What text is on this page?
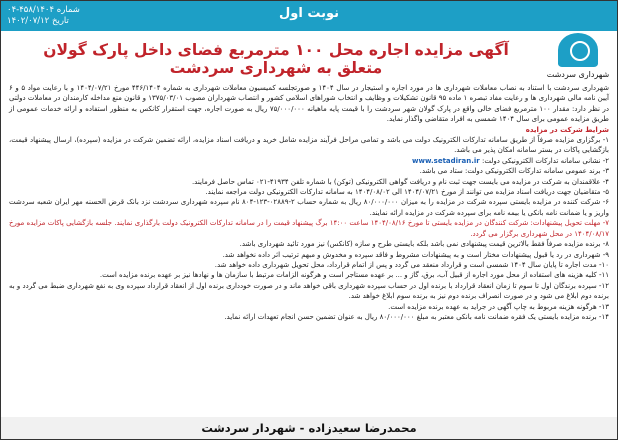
شماره ۴۵۸/۱۴۰۴-۰۴
تاریخ ۱۴۰۲/۰۷/۱۲	نوبت اول
شهرداری سردشت
آگهی مزایده اجاره محل ۱۰۰ مترمربع فضای داخل پارک گولان متعلق به شهرداری سردشت

شهرداری سردشت با استناد به نصاب معاملات شهرداری ها در مورد اجاره و استیجار در سال ۱۴۰۴ و صورتجلسه کمیسیون معاملات شهرداری به شماره ۴۴۶/۱۴۰۴ مورخ ۱۴۰۴/۰۷/۲۱ و با رعایت مواد ۵ و ۶ آیین نامه مالی شهرداری ها و رعایت مفاد تبصره ۱ ماده ۹۵ قانون تشکیلات و وظایف و انتخاب شوراهای اسلامی کشور و انتصاب شهرداران مصوب ۱۳۷۵/۰۳/۰۱ و قانون منع مداخله کارمندان در معاملات دولتی در نظر دارد: مقدار ۱۰۰ مترمربع فضای خالی واقع در پارک گولان شهر سردشت را با قیمت پایه ماهیانه ۷۵/۰۰۰/۰۰۰ ریال به صورت اجاره، جهت استقرار کانکس به منظور استفاده و ارائه خدمات عمومی از طریق مزایده عمومی برای سال ۱۴۰۴ شمسی به افراد متقاضی واگذار نماید.

شرایط شرکت در مزایده

۱- برگزاری مزایده صرفاً از طریق سامانه تدارکات الکترونیک دولت می باشد و تمامی مراحل فرآیند مزایده شامل خرید و دریافت اسناد مزایده، ارائه تضمین شرکت در مزایده (سپرده)، ارسال پیشنهاد قیمت، بازگشایی پاکات در بستر سامانه امکان پذیر می باشد.

۲- نشانی سامانه تدارکات الکترونیکی دولت: www.setadiran.ir

۳- برند عمومی سامانه تدارکات الکترونیکی دولت: ستاد می باشد.

۴- علاقمندان به شرکت در مزایده می بایست جهت ثبت نام و دریافت گواهی الکترونیکی (توکن) با شماره تلفن ۴۱۹۳۴-۰۲۱ تماس حاصل فرمایند.

۵- متقاضیان جهت دریافت اسناد مزایده می توانند از مورخ ۱۴۰۴/۰۷/۲۱ الی ۱۴۰۴/۰۸/۰۲ به سامانه تدارکات الکترونیکی دولت مراجعه نمایند.

۶- شرکت کننده در مزایده بایستی سپرده شرکت در مزایده را به میزان ۸۰/۰۰۰/۰۰۰ ریال به شماره حساب ۲-۰۲۸۸۹-۱۲۳-۸۰۴ نام سپرده شهرداری سردشت نزد بانک قرض الحسنه مهر ایران شعبه سردشت واریز و یا ضمانت نامه بانکی یا بیمه نامه برای سپرده شرکت در مزایده ارائه نمایند.

۷- مهلت تحویل پیشنهادات: شرکت کنندگان در مزایده بایستی تا مورخ ۱۴۰۴/۰۸/۱۶ ساعت ۱۴:۰۰ برگ پیشنهاد قیمت را در سامانه تدارکات الکترونیک دولت بارگذاری نمایند. جلسه بازگشایی پاکات مزایده مورخ ۱۴۰۴/۰۸/۱۷ در محل شهرداری برگزار می گردد.

۸- برنده مزایده صرفاً فقط بالاترین قیمت پیشنهادی نمی باشد بلکه بایستی طرح و سازه (کانکس) نیز مورد تائید شهرداری باشد.

۹- شهرداری در رد یا قبول پیشنهادات مختار است و به پیشنهادات مشروط و فاقد سپرده و مخدوش و مبهم ترتیب اثر داده نخواهد شد.

۱۰- مدت اجاره تا پایان سال ۱۴۰۴ شمسی است و قرارداد منعقد می گردد و پس از اتمام قرارداد، محل تحویل شهرداری داده خواهد شد.

۱۱- کلیه هزینه های استفاده از محل مورد اجاره از قبیل آب، برق، گاز و ... بر عهده مستاجر است و هرگونه الزامات مرتبط با سازمان ها و نهادها نیز بر عهده برنده مزایده است.

۱۲- سپرده برندگان اول تا سوم تا زمان انعقاد قرارداد با برنده اول در حساب سپرده شهرداری باقی خواهد ماند و در صورت خودداری برنده اول از انعقاد قرارداد سپرده وی به نفع شهرداری ضبط می گردد و به برنده دوم ابلاغ می شود و در صورت انصراف برنده دوم نیز به برنده سوم ابلاغ خواهد شد.

۱۳- هرگونه هزینه مربوط به چاپ آگهی در جراید به عهده برنده مزایده است.

۱۴- برنده مزایده بایستی یک فقره ضمانت نامه بانکی معتبر به مبلغ ۸۰/۰۰۰/۰۰۰ ریال به عنوان تضمین حسن انجام تعهدات ارائه نماید.

محمدرضا سعیدزاده - شهردار سردشت
